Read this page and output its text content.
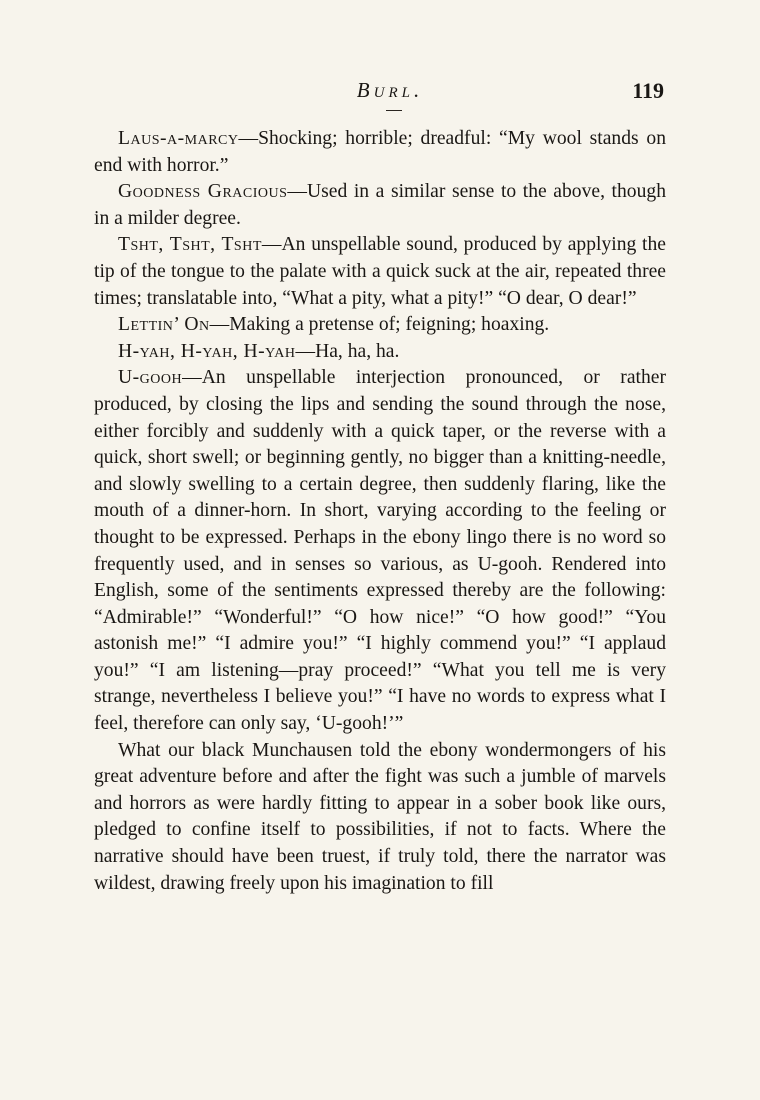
Burl.	119

Laus-a-marcy—Shocking; horrible; dreadful: “My wool stands on end with horror.”

Goodness Gracious—Used in a similar sense to the above, though in a milder degree.

Tsht, Tsht, Tsht—An unspellable sound, produced by applying the tip of the tongue to the palate with a quick suck at the air, repeated three times; translatable into, “What a pity, what a pity!” “O dear, O dear!”

Lettin’ On—Making a pretense of; feigning; hoaxing.

H-yah, H-yah, H-yah—Ha, ha, ha.

U-gooh—An unspellable interjection pronounced, or rather produced, by closing the lips and sending the sound through the nose, either forcibly and suddenly with a quick taper, or the reverse with a quick, short swell; or beginning gently, no bigger than a knitting-needle, and slowly swelling to a certain degree, then suddenly flaring, like the mouth of a dinner-horn. In short, varying according to the feeling or thought to be expressed. Perhaps in the ebony lingo there is no word so frequently used, and in senses so various, as U-gooh. Rendered into English, some of the sentiments expressed thereby are the following: “Admirable!” “Wonderful!” “O how nice!” “O how good!” “You astonish me!” “I admire you!” “I highly commend you!” “I applaud you!” “I am listening—pray proceed!” “What you tell me is very strange, nevertheless I believe you!” “I have no words to express what I feel, therefore can only say, ‘U-gooh!’”

What our black Munchausen told the ebony wondermongers of his great adventure before and after the fight was such a jumble of marvels and horrors as were hardly fitting to appear in a sober book like ours, pledged to confine itself to possibilities, if not to facts. Where the narrative should have been truest, if truly told, there the narrator was wildest, drawing freely upon his imagination to fill
